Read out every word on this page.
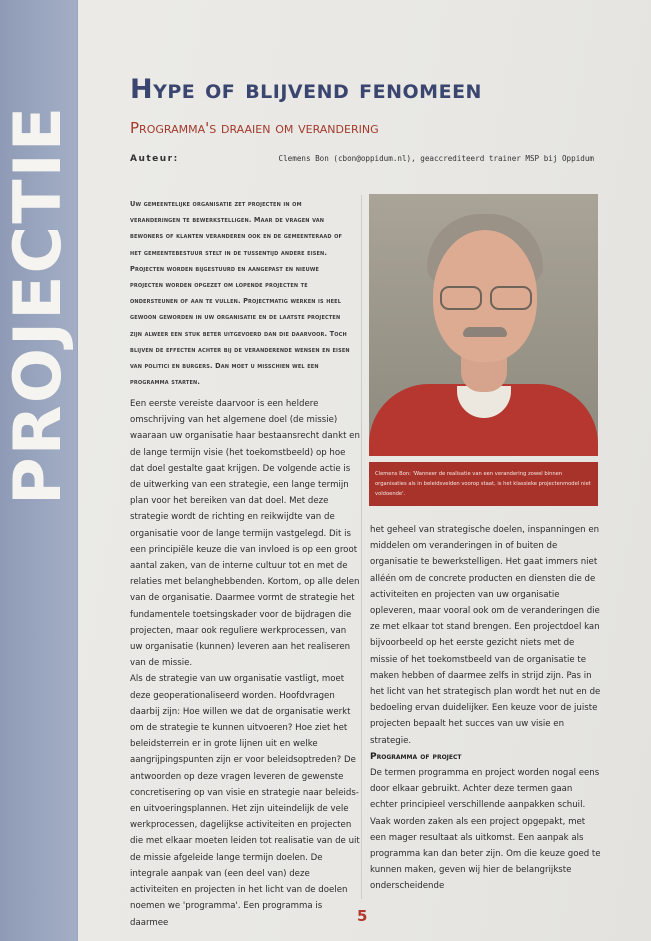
PROJECTIE
Hype of blijvend fenomeen
Programma's draaien om verandering
Auteur:	Clemens Bon (cbon@oppidum.nl), geaccrediteerd trainer MSP bij Oppidum

Uw gemeentelijke organisatie zet projecten in om veranderingen te bewerkstelligen. Maar de vragen van bewoners of klanten veranderen ook en de gemeenteraad of het gemeentebestuur stelt in de tussentijd andere eisen. Projecten worden bijgestuurd en aangepast en nieuwe projecten worden opgezet om lopende projecten te ondersteunen of aan te vullen. Projectmatig werken is heel gewoon geworden in uw organisatie en de laatste projecten zijn alweer een stuk beter uitgevoerd dan die daarvoor. Toch blijven de effecten achter bij de veranderende wensen en eisen van politici en burgers. Dan moet u misschien wel een programma starten.

Clemens Bon: 'Wanneer de realisatie van een verandering zowel binnen organisaties als in beleidsvelden voorop staat, is het klassieke projectenmodel niet voldoende'.

Een eerste vereiste daarvoor is een heldere omschrijving van het algemene doel (de missie) waaraan uw organisatie haar bestaansrecht dankt en de lange termijn visie (het toekomstbeeld) op hoe dat doel gestalte gaat krijgen. De volgende actie is de uitwerking van een strategie, een lange termijn plan voor het bereiken van dat doel. Met deze strategie wordt de richting en reikwijdte van de organisatie voor de lange termijn vastgelegd. Dit is een principiële keuze die van invloed is op een groot aantal zaken, van de interne cultuur tot en met de relaties met belanghebbenden. Kortom, op alle delen van de organisatie. Daarmee vormt de strategie het fundamentele toetsingskader voor de bijdragen die projecten, maar ook reguliere werkprocessen, van uw organisatie (kunnen) leveren aan het realiseren van de missie.

Als de strategie van uw organisatie vastligt, moet deze geoperationaliseerd worden. Hoofdvragen daarbij zijn: Hoe willen we dat de organisatie werkt om de strategie te kunnen uitvoeren? Hoe ziet het beleidsterrein er in grote lijnen uit en welke aangrijpingspunten zijn er voor beleidsoptreden? De antwoorden op deze vragen leveren de gewenste concretisering op van visie en strategie naar beleids- en uitvoeringsplannen. Het zijn uiteindelijk de vele werkprocessen, dagelijkse activiteiten en projecten die met elkaar moeten leiden tot realisatie van de uit de missie afgeleide lange termijn doelen. De integrale aanpak van (een deel van) deze activiteiten en projecten in het licht van de doelen noemen we 'programma'. Een programma is daarmee

het geheel van strategische doelen, inspanningen en middelen om veranderingen in of buiten de organisatie te bewerkstelligen. Het gaat immers niet alléén om de concrete producten en diensten die de activiteiten en projecten van uw organisatie opleveren, maar vooral ook om de veranderingen die ze met elkaar tot stand brengen. Een projectdoel kan bijvoorbeeld op het eerste gezicht niets met de missie of het toekomstbeeld van de organisatie te maken hebben of daarmee zelfs in strijd zijn. Pas in het licht van het strategisch plan wordt het nut en de bedoeling ervan duidelijker. Een keuze voor de juiste projecten bepaalt het succes van uw visie en strategie.

Programma of project

De termen programma en project worden nogal eens door elkaar gebruikt. Achter deze termen gaan echter principieel verschillende aanpakken schuil. Vaak worden zaken als een project opgepakt, met een mager resultaat als uitkomst. Een aanpak als programma kan dan beter zijn. Om die keuze goed te kunnen maken, geven wij hier de belangrijkste onderscheidende

5
